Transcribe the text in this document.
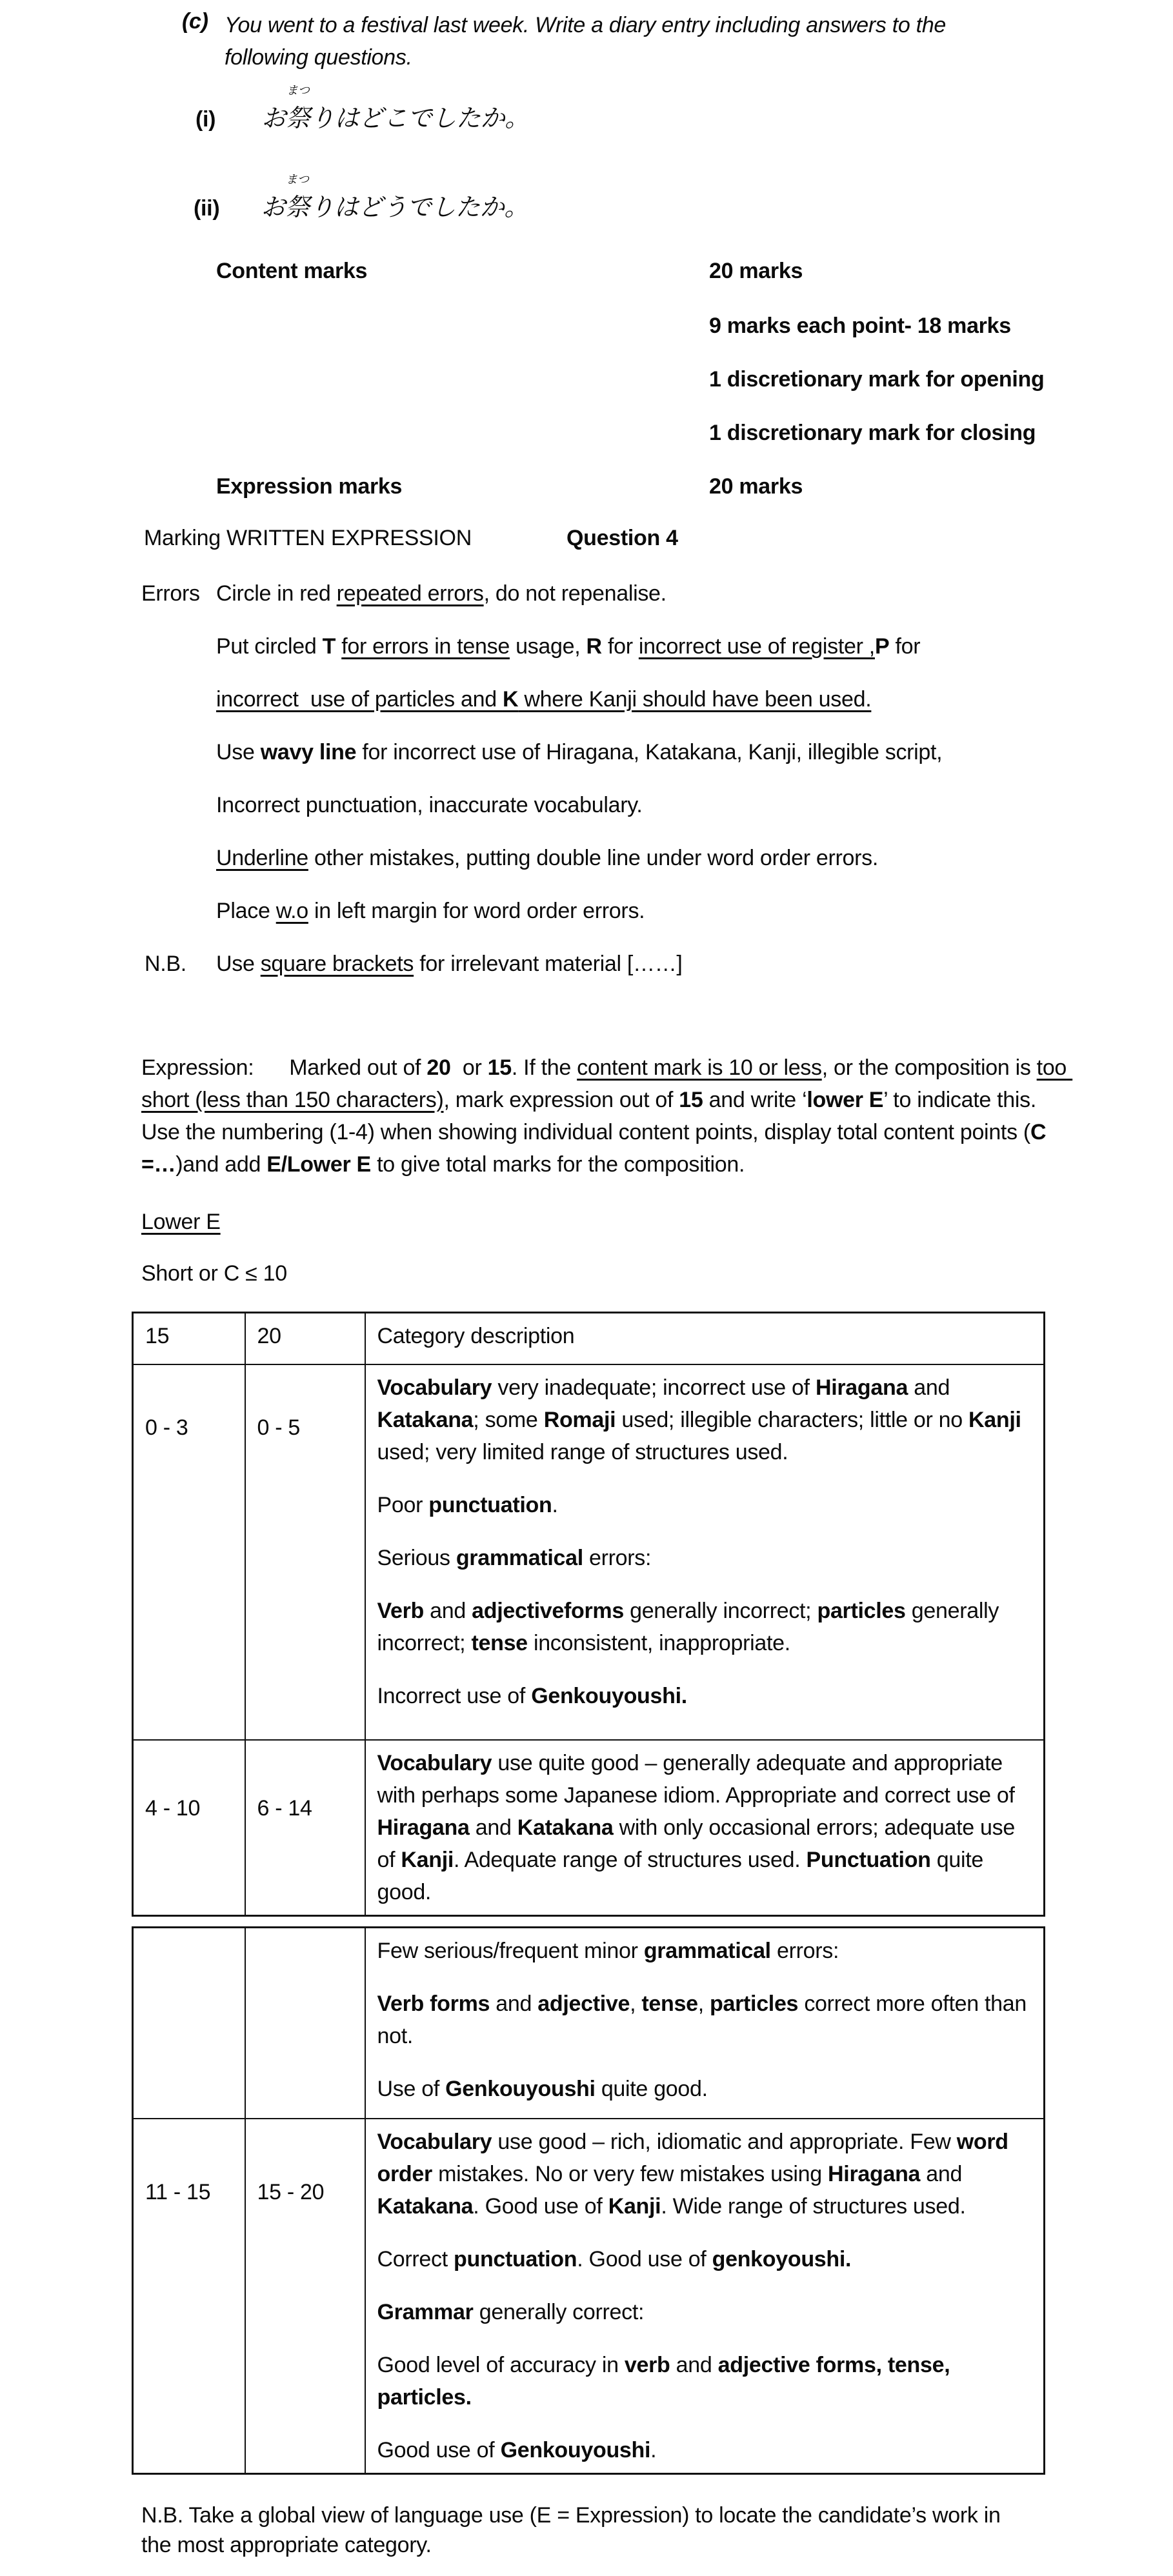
(c) You went to a festival last week. Write a diary entry including answers to the following questions.
(i) お
まつ
祭りはどこでしたか。
(ii) お
まつ
祭りはどうでしたか。
Content marks	20 marks
9 marks each point- 18 marks
1 discretionary mark for opening
1 discretionary mark for closing
Expression marks	20 marks
Marking WRITTEN EXPRESSION	Question 4
Errors Circle in red repeated errors, do not repenalise.
Put circled T for errors in tense usage, R for incorrect use of register ,P for
incorrect  use of particles and K where Kanji should have been used.
Use wavy line for incorrect use of Hiragana, Katakana, Kanji, illegible script,
Incorrect punctuation, inaccurate vocabulary.
Underline other mistakes, putting double line under word order errors.
Place w.o in left margin for word order errors.
N.B. Use square brackets for irrelevant material [……]
Expression:      Marked out of 20  or 15. If the content mark is 10 or less, or the composition is too short (less than 150 characters), mark expression out of 15 and write ‘lower E’ to indicate this. Use the numbering (1-4) when showing individual content points, display total content points (C =…)and add E/Lower E to give total marks for the composition.
Lower E
Short or C ≤ 10
15	20	Category description
0 - 3	0 - 5	Vocabulary very inadequate; incorrect use of Hiragana and Katakana; some Romaji used; illegible characters; little or no Kanji used; very limited range of structures used.
Poor punctuation.
Serious grammatical errors:
Verb and adjectiveforms generally incorrect; particles generally incorrect; tense inconsistent, inappropriate.
Incorrect use of Genkouyoushi.

4 - 10	6 - 14	Vocabulary use quite good – generally adequate and appropriate with perhaps some Japanese idiom. Appropriate and correct use of Hiragana and Katakana with only occasional errors; adequate use of Kanji. Adequate range of structures used. Punctuation quite good.

		Few serious/frequent minor grammatical errors:
Verb forms and adjective, tense, particles correct more often than not.
Use of Genkouyoushi quite good.

11 - 15	15 - 20	Vocabulary use good – rich, idiomatic and appropriate. Few word order mistakes. No or very few mistakes using Hiragana and Katakana. Good use of Kanji. Wide range of structures used.
Correct punctuation. Good use of genkoyoushi.
Grammar generally correct:
Good level of accuracy in verb and adjective forms, tense, particles.
Good use of Genkouyoushi.
N.B. Take a global view of language use (E = Expression) to locate the candidate’s work in the most appropriate category.
